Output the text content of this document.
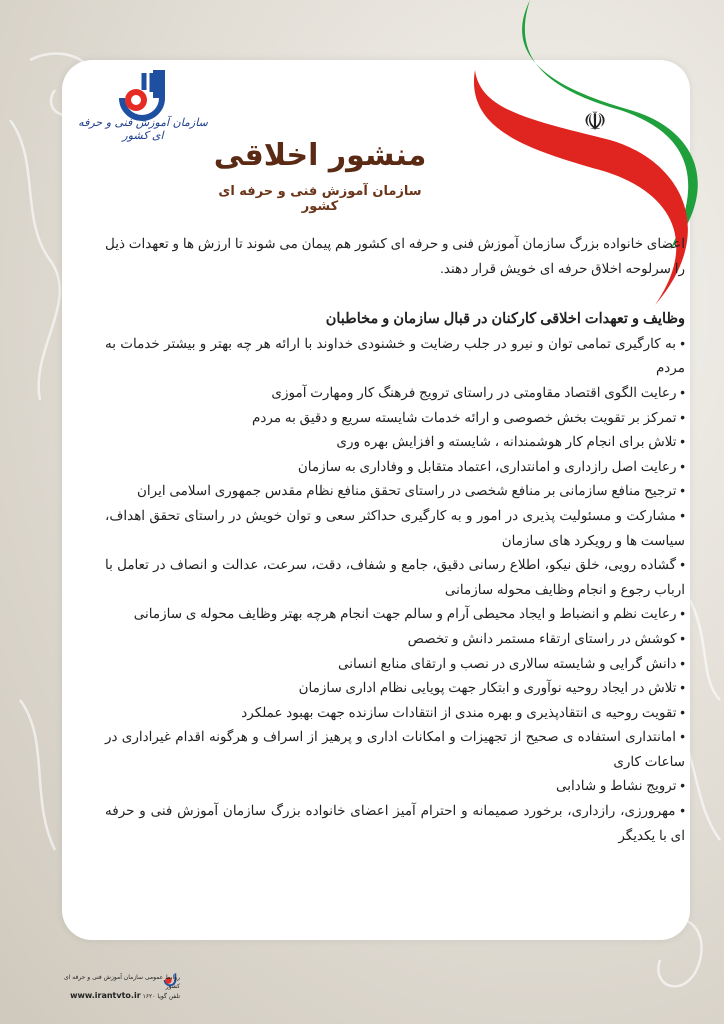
☫
سازمان آموزش فنی و حرفه ای کشور
منشور اخلاقی
سازمان آموزش فنی و حرفه ای کشور

اعضای خانواده بزرگ سازمان آموزش فنی و حرفه ای کشور هم پیمان می شوند تا ارزش ها و تعهدات ذیل را سرلوحه اخلاق حرفه ای خویش قرار دهند.

وظایف و تعهدات اخلاقی کارکنان در قبال سازمان و مخاطبان

• به کارگیری تمامی توان و نیرو در جلب رضایت و خشنودی خداوند با ارائه هر چه بهتر و بیشتر خدمات به مردم

• رعایت الگوی اقتصاد مقاومتی در راستای ترویج فرهنگ کار ومهارت آموزی

• تمرکز بر تقویت بخش خصوصی و ارائه خدمات شایسته سریع و دقیق به مردم

• تلاش برای انجام کار هوشمندانه ، شایسته و افزایش بهره وری

• رعایت اصل رازداری و امانتداری، اعتماد متقابل و وفاداری به سازمان

• ترجیح منافع سازمانی بر منافع شخصی در راستای تحقق منافع نظام مقدس جمهوری اسلامی ایران

• مشارکت و مسئولیت پذیری در امور و به کارگیری حداکثر سعی و توان خویش در راستای تحقق اهداف، سیاست ها و رویکرد های سازمان

• گشاده رویی، خلق نیکو، اطلاع رسانی دقیق، جامع و شفاف، دقت، سرعت، عدالت و انصاف در تعامل با ارباب رجوع و انجام وظایف محوله سازمانی

• رعایت نظم و انضباط و ایجاد محیطی آرام و سالم جهت انجام هرچه بهتر وظایف محوله ی سازمانی

• کوشش در راستای ارتقاء مستمر دانش و تخصص

• دانش گرایی و شایسته سالاری در نصب و ارتقای منابع انسانی

• تلاش در ایجاد روحیه نوآوری و ابتکار جهت پویایی نظام اداری سازمان

• تقویت روحیه ی انتقادپذیری و بهره مندی از انتقادات سازنده جهت بهبود عملکرد

• امانتداری استفاده ی صحیح از تجهیزات و امکانات اداری و پرهیز از اسراف و هرگونه اقدام غیراداری در ساعات کاری

• ترویج نشاط و شادابی

• مهرورزی، رازداری، برخورد صمیمانه و احترام آمیز اعضای خانواده بزرگ سازمان آموزش فنی و حرفه ای با یکدیگر

روابط عمومی سازمان آموزش فنی و حرفه ای کشور
تلفن گویا ۱۶۲۰ www.irantvto.ir
